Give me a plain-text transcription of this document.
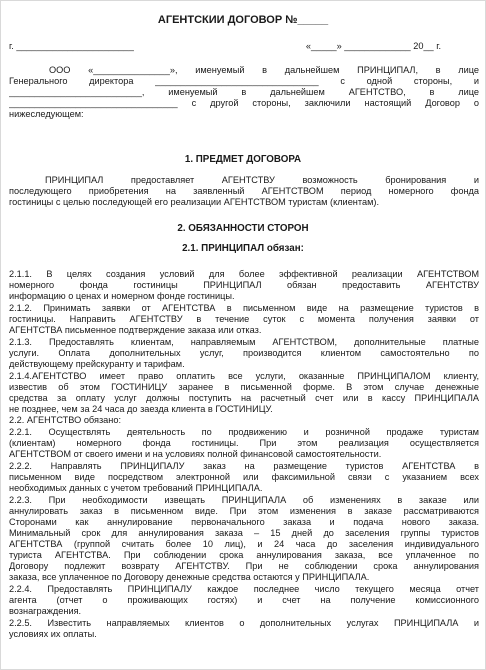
АГЕНТСКИЙ ДОГОВОР №_____
г. _______________________	«_____» _____________ 20__ г.
ООО «_______________», именуемый в дальнейшем ПРИНЦИПАЛ, в лице
Генерального директора ________________________________ с одной стороны, и
__________________________, именуемый в дальнейшем АГЕНТСТВО, в лице
_________________________________ с другой стороны, заключили настоящий Договор о
нижеследующем:
1. ПРЕДМЕТ ДОГОВОРА
ПРИНЦИПАЛ предоставляет АГЕНТСТВУ возможность бронирования и
последующего приобретения на заявленный АГЕНТСТВОМ период номерного фонда
гостиницы с целью последующей его реализации АГЕНТСТВОМ туристам (клиентам).
2. ОБЯЗАННОСТИ СТОРОН
2.1. ПРИНЦИПАЛ обязан:
2.1.1. В целях создания условий для более эффективной реализации АГЕНТСТВОМ
номерного фонда гостиницы ПРИНЦИПАЛ обязан предоставить АГЕНТСТВУ
информацию о ценах и номерном фонде гостиницы.
2.1.2. Принимать заявки от АГЕНТСТВА в письменном виде на размещение туристов в
гостиницы. Направить АГЕНТСТВУ в течение суток с момента получения заявки от
АГЕНТСТВА письменное подтверждение заказа или отказ.
2.1.3. Предоставлять клиентам, направляемым АГЕНТСТВОМ, дополнительные платные
услуги. Оплата дополнительных услуг, производится клиентом самостоятельно по
действующему прейскуранту и тарифам.
2.1.4.АГЕНТСТВО имеет право оплатить все услуги, оказанные ПРИНЦИПАЛОМ клиенту,
известив об этом ГОСТИНИЦУ заранее в письменной форме. В этом случае денежные
средства за оплату услуг должны поступить на расчетный счет или в кассу ПРИНЦИПАЛА
не позднее, чем за 24 часа до заезда клиента в ГОСТИНИЦУ.
2.2. АГЕНТСТВО обязано:
2.2.1. Осуществлять деятельность по продвижению и розничной продаже туристам
(клиентам) номерного фонда гостиницы. При этом реализация осуществляется
АГЕНТСТВОМ от своего имени и на условиях полной финансовой самостоятельности.
2.2.2. Направлять ПРИНЦИПАЛУ заказ на размещение туристов АГЕНТСТВА в
письменном виде посредством электронной или факсимильной связи с указанием всех
необходимых данных с учетом требований ПРИНЦИПАЛА.
2.2.3. При необходимости извещать ПРИНЦИПАЛА об изменениях в заказе или
аннулировать заказ в письменном виде. При этом изменения в заказе рассматриваются
Сторонами как аннулирование первоначального заказа и подача нового заказа.
Минимальный срок для аннулирования заказа – 15 дней до заселения группы туристов
АГЕНТСТВА (группой считать более 10 лиц), и 24 часа до заселения индивидуального
туриста АГЕНТСТВА. При соблюдении срока аннулирования заказа, все уплаченное по
Договору подлежит возврату АГЕНТСТВУ. При не соблюдении срока аннулирования
заказа, все уплаченное по Договору денежные средства остаются у ПРИНЦИПАЛА.
2.2.4. Предоставлять ПРИНЦИПАЛУ каждое последнее число текущего месяца отчет
агента (отчет о проживающих гостях) и счет на получение комиссионного
вознаграждения.
2.2.5. Известить направляемых клиентов о дополнительных услугах ПРИНЦИПАЛА и
условиях их оплаты.
